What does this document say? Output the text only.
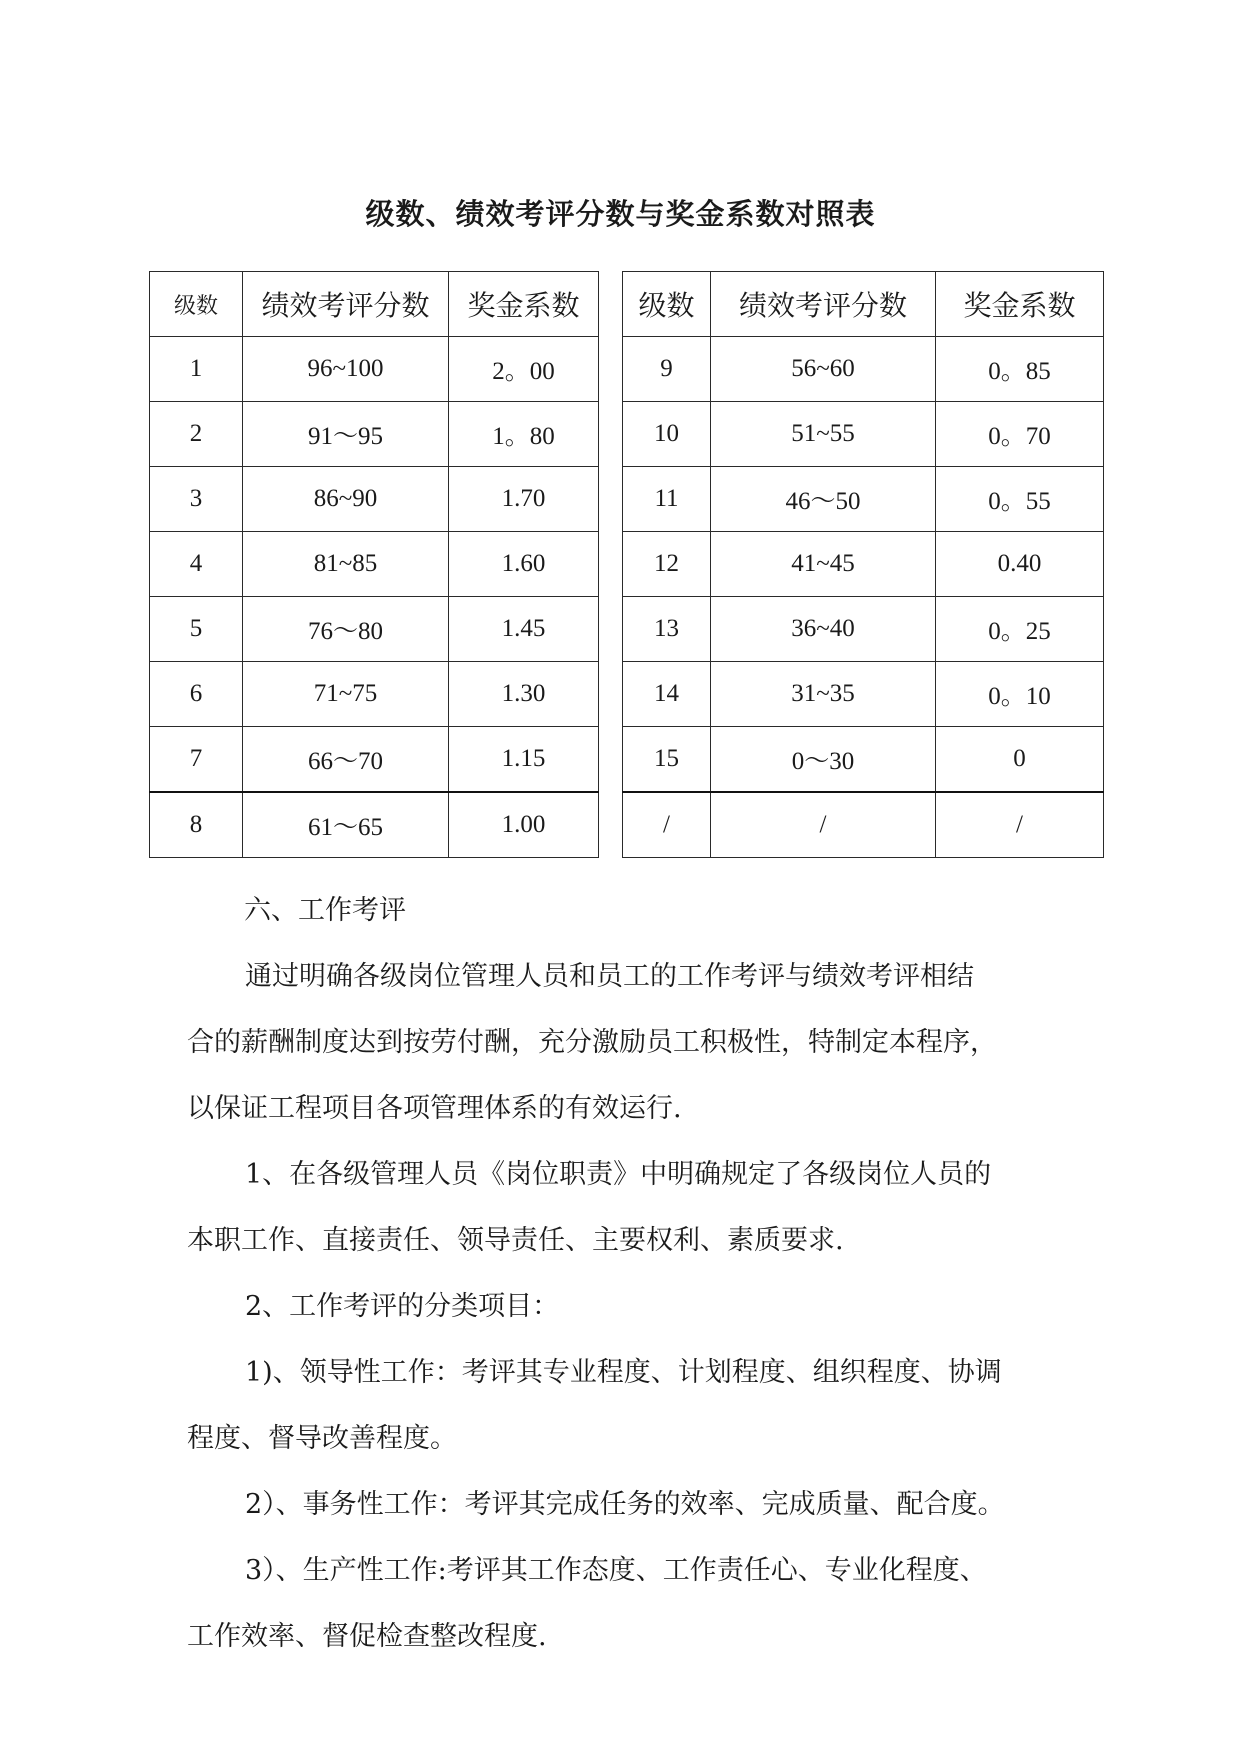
级数、绩效考评分数与奖金系数对照表
级数	绩效考评分数	奖金系数		级数	绩效考评分数	奖金系数
1	96~100	2。00		9	56~60	0。85
2	91～95	1。80		10	51~55	0。70
3	86~90	1.70		11	46～50	0。55
4	81~85	1.60		12	41~45	0.40
5	76～80	1.45		13	36~40	0。25
6	71~75	1.30		14	31~35	0。10
7	66～70	1.15		15	0～30	0
8	61～65	1.00		/	/	/
六、工作考评
通过明确各级岗位管理人员和员工的工作考评与绩效考评相结
合的薪酬制度达到按劳付酬，充分激励员工积极性，特制定本程序，
以保证工程项目各项管理体系的有效运行.
1、在各级管理人员《岗位职责》中明确规定了各级岗位人员的
本职工作、直接责任、领导责任、主要权利、素质要求.
2、工作考评的分类项目：
1)、领导性工作：考评其专业程度、计划程度、组织程度、协调
程度、督导改善程度。
2）、事务性工作：考评其完成任务的效率、完成质量、配合度。
3）、生产性工作:考评其工作态度、工作责任心、专业化程度、
工作效率、督促检查整改程度.
